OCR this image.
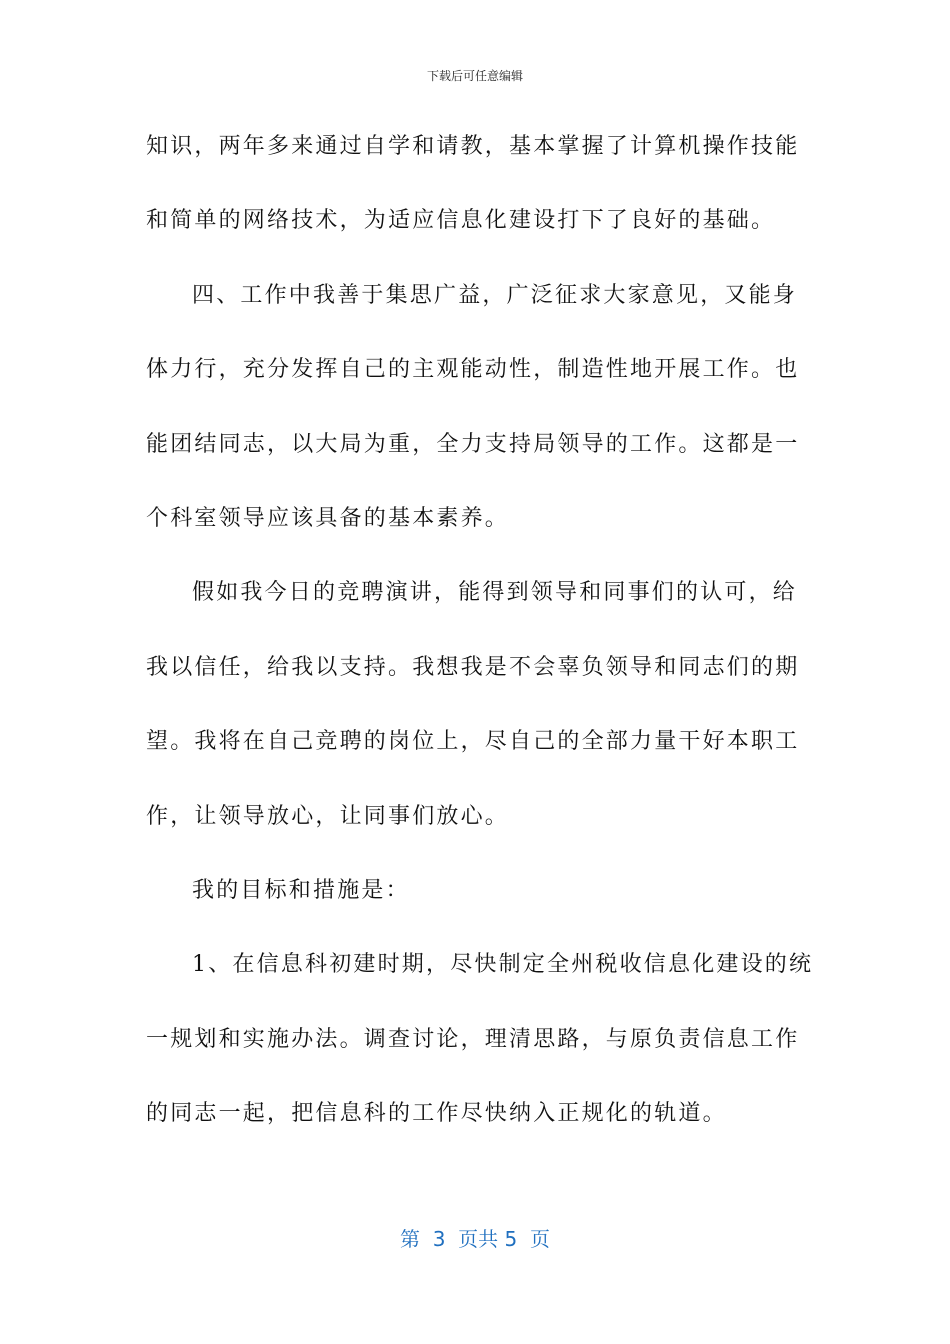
下载后可任意编辑
知识，两年多来通过自学和请教，基本掌握了计算机操作技能
和简单的网络技术，为适应信息化建设打下了良好的基础。
四、工作中我善于集思广益，广泛征求大家意见，又能身
体力行，充分发挥自己的主观能动性，制造性地开展工作。也
能团结同志，以大局为重，全力支持局领导的工作。这都是一
个科室领导应该具备的基本素养。
假如我今日的竞聘演讲，能得到领导和同事们的认可，给
我以信任，给我以支持。我想我是不会辜负领导和同志们的期
望。我将在自己竞聘的岗位上，尽自己的全部力量干好本职工
作，让领导放心，让同事们放心。
我的目标和措施是：
1、在信息科初建时期，尽快制定全州税收信息化建设的统
一规划和实施办法。调查讨论，理清思路，与原负责信息工作
的同志一起，把信息科的工作尽快纳入正规化的轨道。
第  3  页共 5  页
